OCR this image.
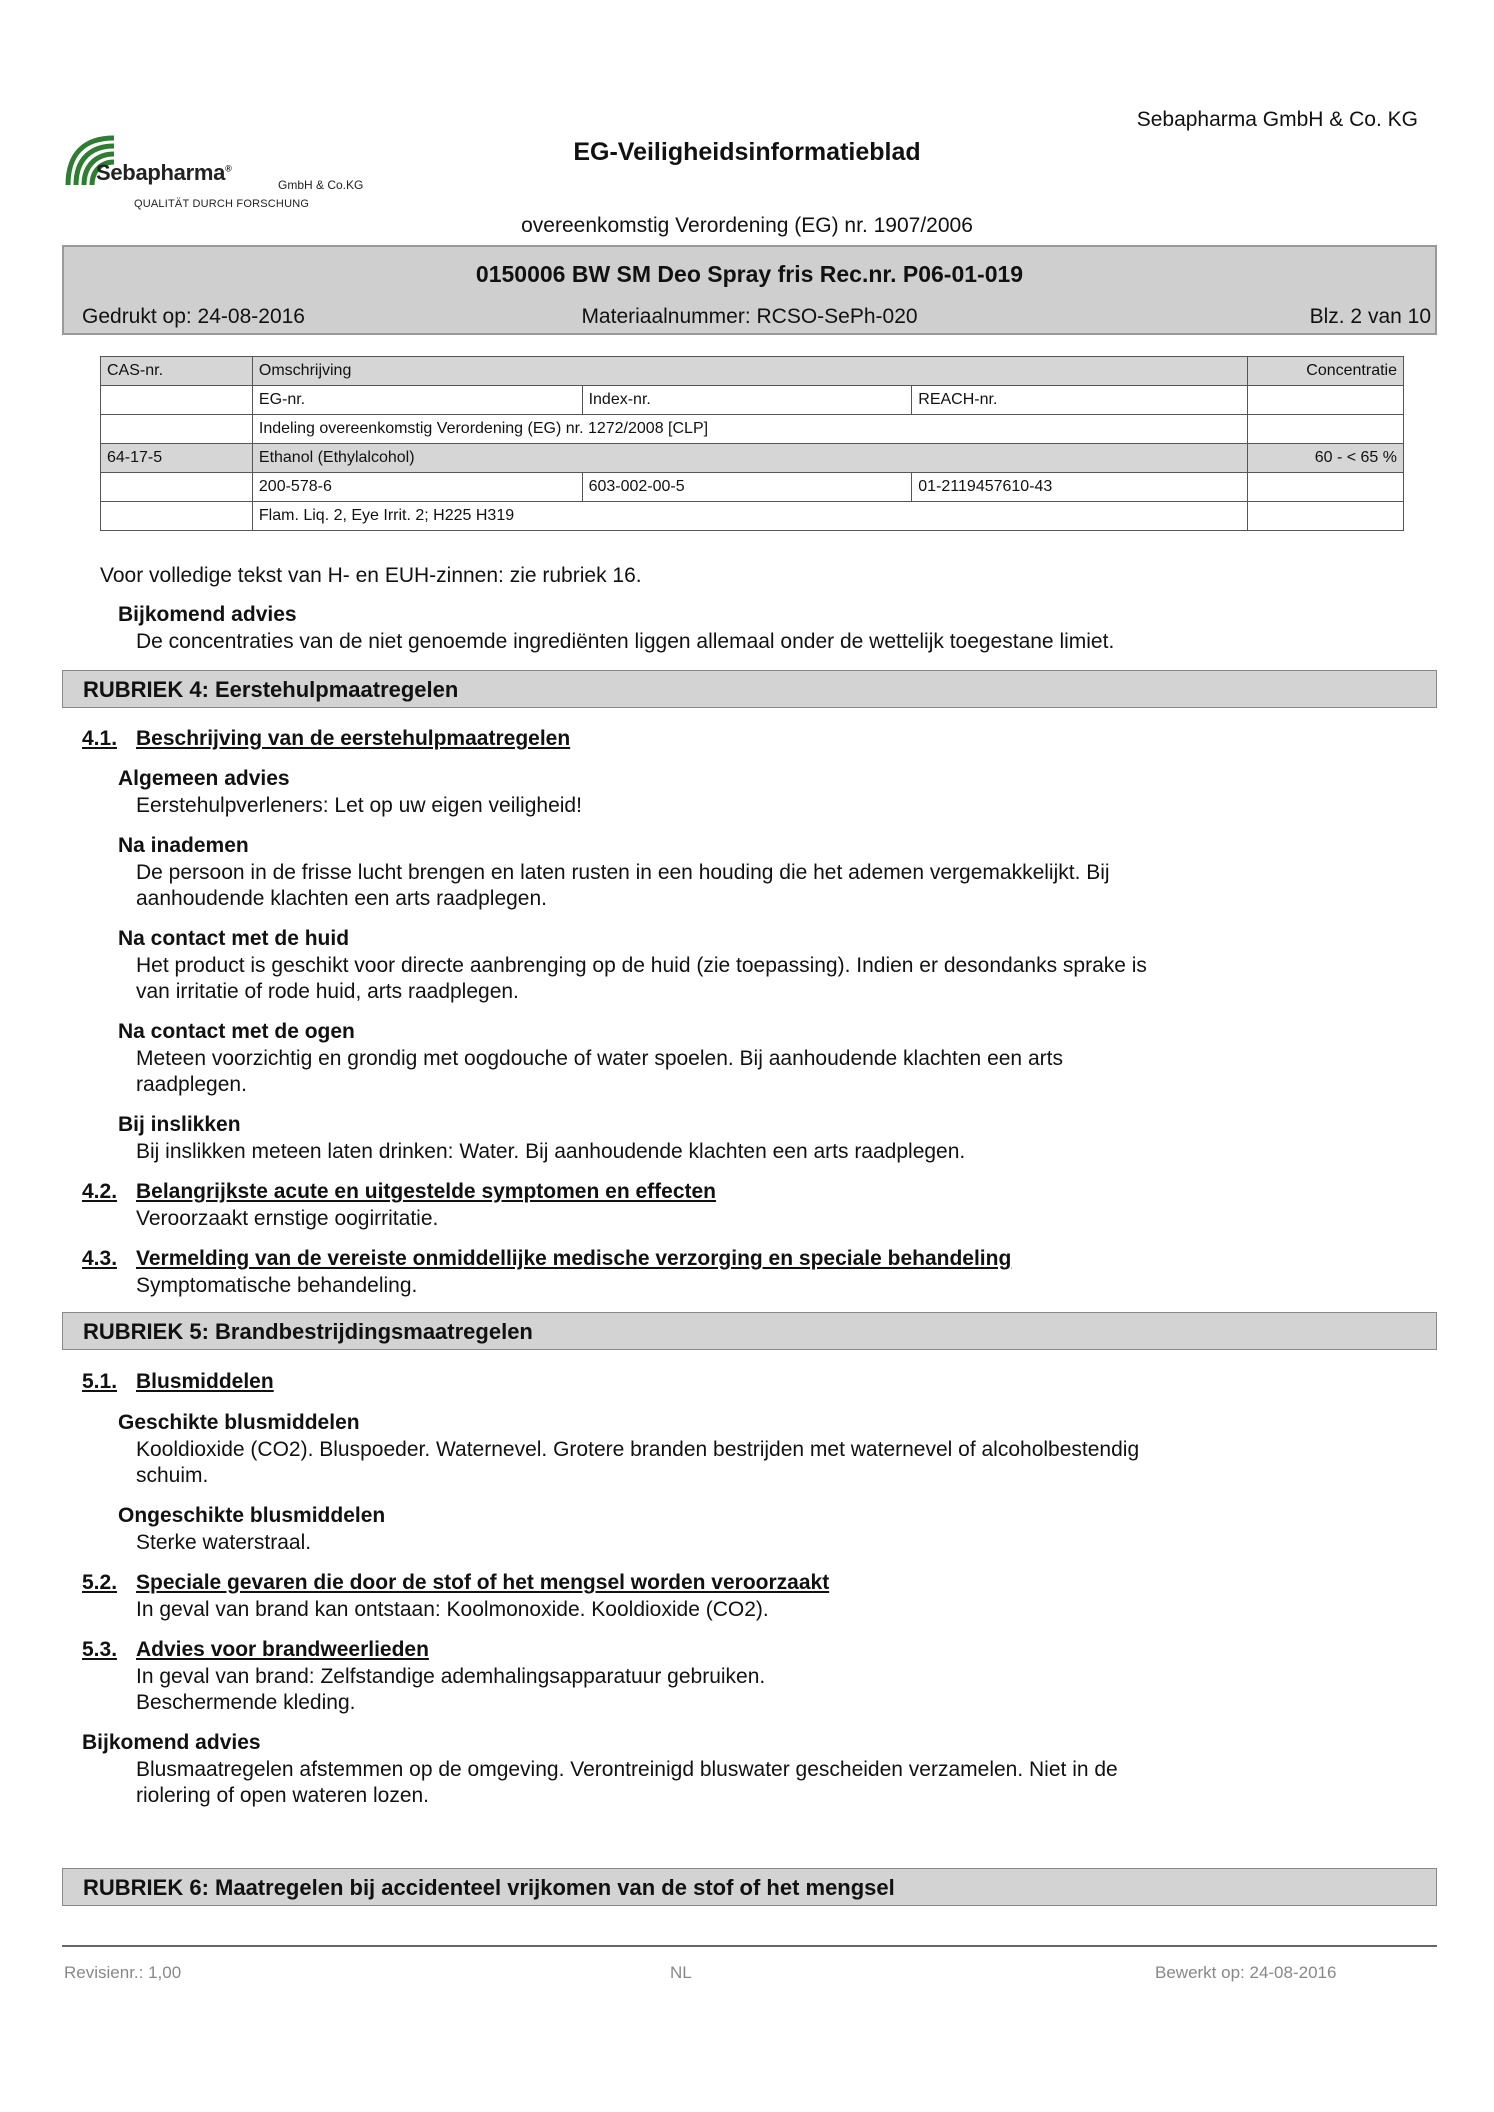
Sebapharma®
GmbH & Co.KG
QUALITÄT DURCH FORSCHUNG
Sebapharma GmbH & Co. KG
EG-Veiligheidsinformatieblad
overeenkomstig Verordening (EG) nr. 1907/2006
0150006 BW SM Deo Spray fris Rec.nr. P06-01-019
Gedrukt op: 24-08-2016	Materiaalnummer: RCSO-SePh-020	Blz. 2 van 10
CAS-nr.	Omschrijving			Concentratie
	EG-nr.	Index-nr.	REACH-nr.	
	Indeling overeenkomstig Verordening (EG) nr. 1272/2008 [CLP]			
64-17-5	Ethanol (Ethylalcohol)			60 - < 65 %
	200-578-6	603-002-00-5	01-2119457610-43	
	Flam. Liq. 2, Eye Irrit. 2; H225 H319			
Voor volledige tekst van H- en EUH-zinnen: zie rubriek 16.
Bijkomend advies
De concentraties van de niet genoemde ingrediënten liggen allemaal onder de wettelijk toegestane limiet.
RUBRIEK 4: Eerstehulpmaatregelen
4.1. Beschrijving van de eerstehulpmaatregelen
Algemeen advies
Eerstehulpverleners: Let op uw eigen veiligheid!
Na inademen
De persoon in de frisse lucht brengen en laten rusten in een houding die het ademen vergemakkelijkt. Bij
aanhoudende klachten een arts raadplegen.
Na contact met de huid
Het product is geschikt voor directe aanbrenging op de huid (zie toepassing). Indien er desondanks sprake is
van irritatie of rode huid, arts raadplegen.
Na contact met de ogen
Meteen voorzichtig en grondig met oogdouche of water spoelen. Bij aanhoudende klachten een arts
raadplegen.
Bij inslikken
Bij inslikken meteen laten drinken: Water. Bij aanhoudende klachten een arts raadplegen.
4.2. Belangrijkste acute en uitgestelde symptomen en effecten
Veroorzaakt ernstige oogirritatie.
4.3. Vermelding van de vereiste onmiddellijke medische verzorging en speciale behandeling
Symptomatische behandeling.
RUBRIEK 5: Brandbestrijdingsmaatregelen
5.1. Blusmiddelen
Geschikte blusmiddelen
Kooldioxide (CO2). Bluspoeder. Waternevel. Grotere branden bestrijden met waternevel of alcoholbestendig
schuim.
Ongeschikte blusmiddelen
Sterke waterstraal.
5.2. Speciale gevaren die door de stof of het mengsel worden veroorzaakt
In geval van brand kan ontstaan: Koolmonoxide. Kooldioxide (CO2).
5.3. Advies voor brandweerlieden
In geval van brand: Zelfstandige ademhalingsapparatuur gebruiken.
Beschermende kleding.
Bijkomend advies
Blusmaatregelen afstemmen op de omgeving. Verontreinigd bluswater gescheiden verzamelen. Niet in de
riolering of open wateren lozen.
RUBRIEK 6: Maatregelen bij accidenteel vrijkomen van de stof of het mengsel
Revisienr.: 1,00	NL	Bewerkt op: 24-08-2016
